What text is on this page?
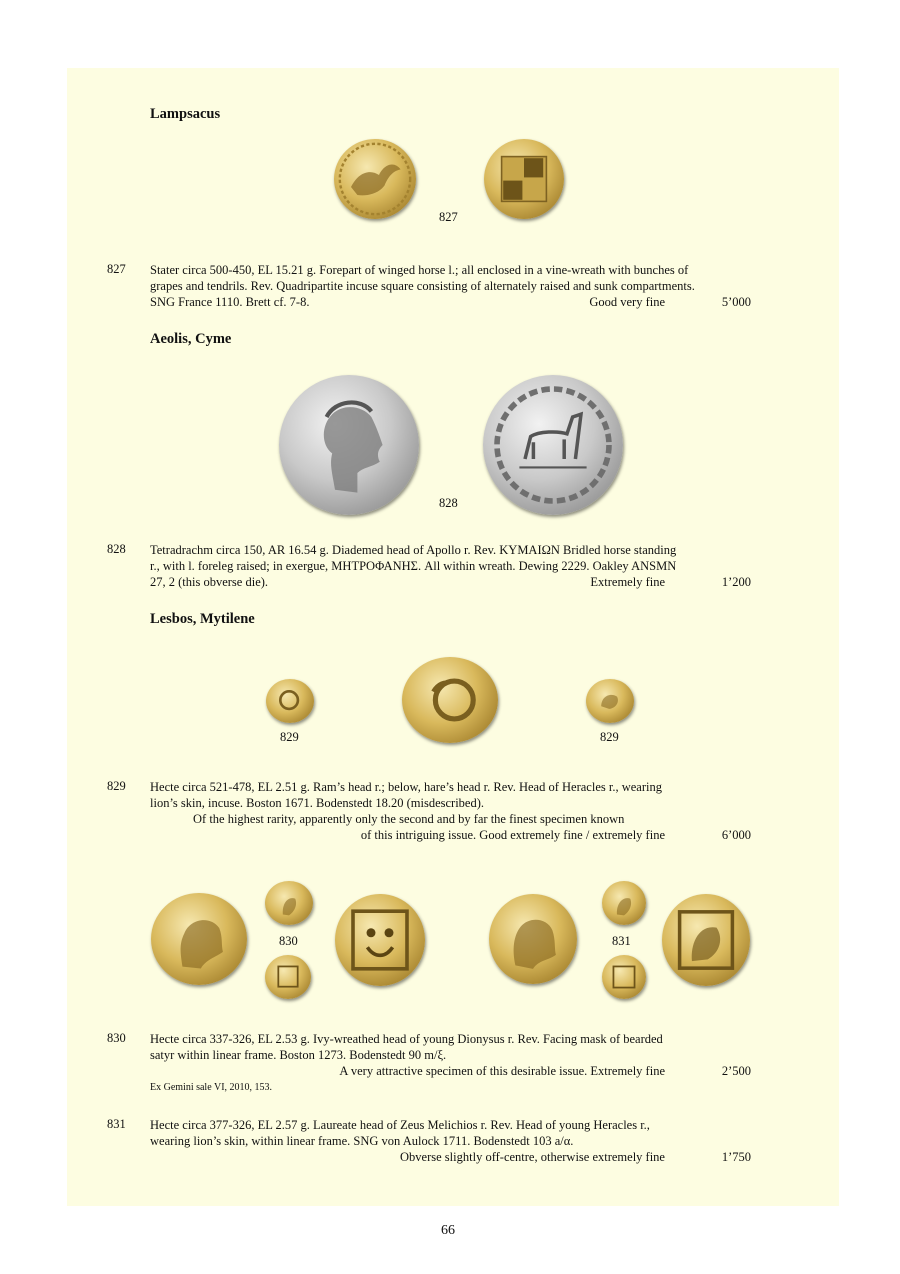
Lampsacus
827
827 Stater circa 500-450, EL 15.21 g. Forepart of winged horse l.; all enclosed in a vine-wreath with bunches of
grapes and tendrils. Rev. Quadripartite incuse square consisting of alternately raised and sunk compartments.
SNG France 1110. Brett cf. 7-8.	Good very fine	5’000
Aeolis, Cyme
828
828 Tetradrachm circa 150, AR 16.54 g. Diademed head of Apollo r. Rev. ΚΥΜΑΙΩΝ Bridled horse standing
r., with l. foreleg raised; in exergue, ΜΗΤΡΟΦΑΝΗΣ. All within wreath. Dewing 2229. Oakley ANSMN
27, 2 (this obverse die).	Extremely fine	1’200
Lesbos, Mytilene
829	829
829 Hecte circa 521-478, EL 2.51 g. Ram’s head r.; below, hare’s head r. Rev. Head of Heracles r., wearing
lion’s skin, incuse. Boston 1671. Bodenstedt 18.20 (misdescribed).
Of the highest rarity, apparently only the second and by far the finest specimen known
of this intriguing issue. Good extremely fine / extremely fine	6’000
830	831
830 Hecte circa 337-326, EL 2.53 g. Ivy-wreathed head of young Dionysus r. Rev. Facing mask of bearded
satyr within linear frame. Boston 1273. Bodenstedt 90 m/ξ.
A very attractive specimen of this desirable issue. Extremely fine	2’500
Ex Gemini sale VI, 2010, 153.
831 Hecte circa 377-326, EL 2.57 g. Laureate head of Zeus Melichios r. Rev. Head of young Heracles r.,
wearing lion’s skin, within linear frame. SNG von Aulock 1711. Bodenstedt 103 a/α.
Obverse slightly off-centre, otherwise extremely fine	1’750
66
